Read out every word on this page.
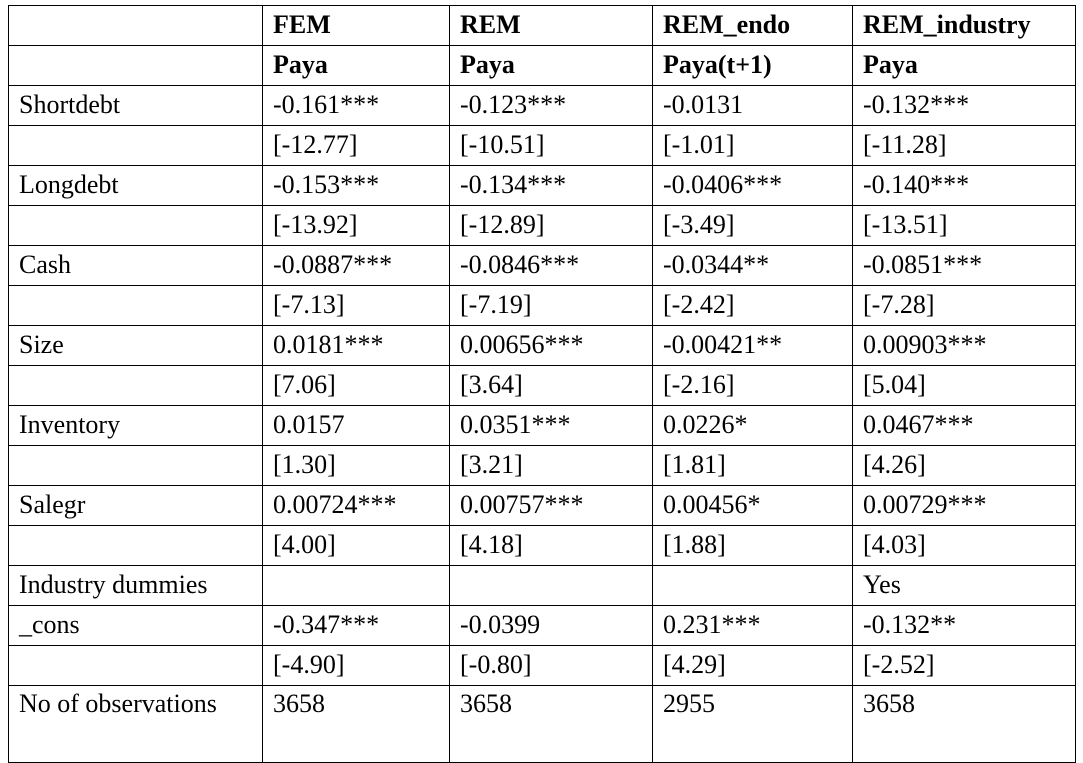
	FEM	REM	REM_endo	REM_industry
	Paya	Paya	Paya(t+1)	Paya
Shortdebt	-0.161***	-0.123***	-0.0131	-0.132***
	[-12.77]	[-10.51]	[-1.01]	[-11.28]
Longdebt	-0.153***	-0.134***	-0.0406***	-0.140***
	[-13.92]	[-12.89]	[-3.49]	[-13.51]
Cash	-0.0887***	-0.0846***	-0.0344**	-0.0851***
	[-7.13]	[-7.19]	[-2.42]	[-7.28]
Size	0.0181***	0.00656***	-0.00421**	0.00903***
	[7.06]	[3.64]	[-2.16]	[5.04]
Inventory	0.0157	0.0351***	0.0226*	0.0467***
	[1.30]	[3.21]	[1.81]	[4.26]
Salegr	0.00724***	0.00757***	0.00456*	0.00729***
	[4.00]	[4.18]	[1.88]	[4.03]
Industry dummies				Yes
_cons	-0.347***	-0.0399	0.231***	-0.132**
	[-4.90]	[-0.80]	[4.29]	[-2.52]
No of observations	3658	3658	2955	3658
